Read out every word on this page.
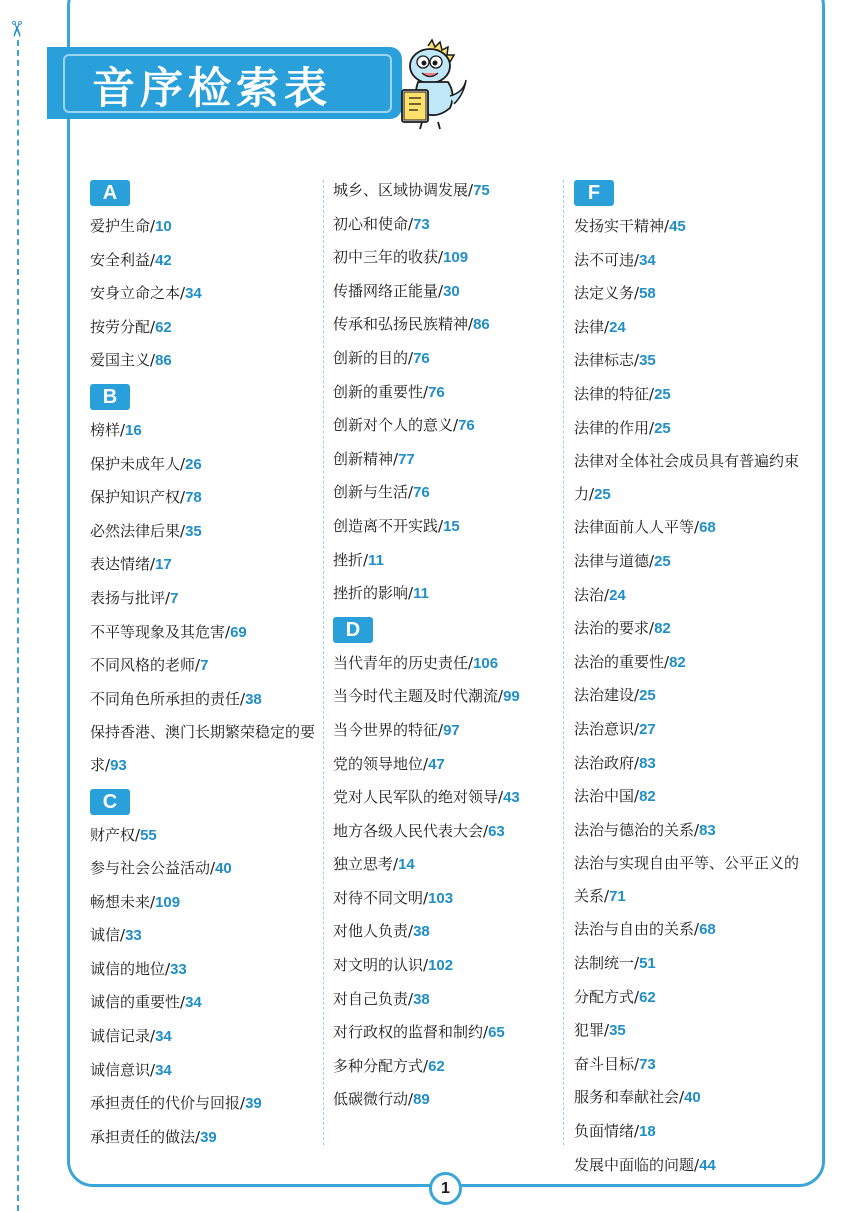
✂
音序检索表
A
爱护生命/10
安全利益/42
安身立命之本/34
按劳分配/62
爱国主义/86
B
榜样/16
保护未成年人/26
保护知识产权/78
必然法律后果/35
表达情绪/17
表扬与批评/7
不平等现象及其危害/69
不同风格的老师/7
不同角色所承担的责任/38
保持香港、澳门长期繁荣稳定的要求/93
C
财产权/55
参与社会公益活动/40
畅想未来/109
诚信/33
诚信的地位/33
诚信的重要性/34
诚信记录/34
诚信意识/34
承担责任的代价与回报/39
承担责任的做法/39
城乡、区域协调发展/75
初心和使命/73
初中三年的收获/109
传播网络正能量/30
传承和弘扬民族精神/86
创新的目的/76
创新的重要性/76
创新对个人的意义/76
创新精神/77
创新与生活/76
创造离不开实践/15
挫折/11
挫折的影响/11
D
当代青年的历史责任/106
当今时代主题及时代潮流/99
当今世界的特征/97
党的领导地位/47
党对人民军队的绝对领导/43
地方各级人民代表大会/63
独立思考/14
对待不同文明/103
对他人负责/38
对文明的认识/102
对自己负责/38
对行政权的监督和制约/65
多种分配方式/62
低碳微行动/89
F
发扬实干精神/45
法不可违/34
法定义务/58
法律/24
法律标志/35
法律的特征/25
法律的作用/25
法律对全体社会成员具有普遍约束力/25
法律面前人人平等/68
法律与道德/25
法治/24
法治的要求/82
法治的重要性/82
法治建设/25
法治意识/27
法治政府/83
法治中国/82
法治与德治的关系/83
法治与实现自由平等、公平正义的关系/71
法治与自由的关系/68
法制统一/51
分配方式/62
犯罪/35
奋斗目标/73
服务和奉献社会/40
负面情绪/18
发展中面临的问题/44
1
